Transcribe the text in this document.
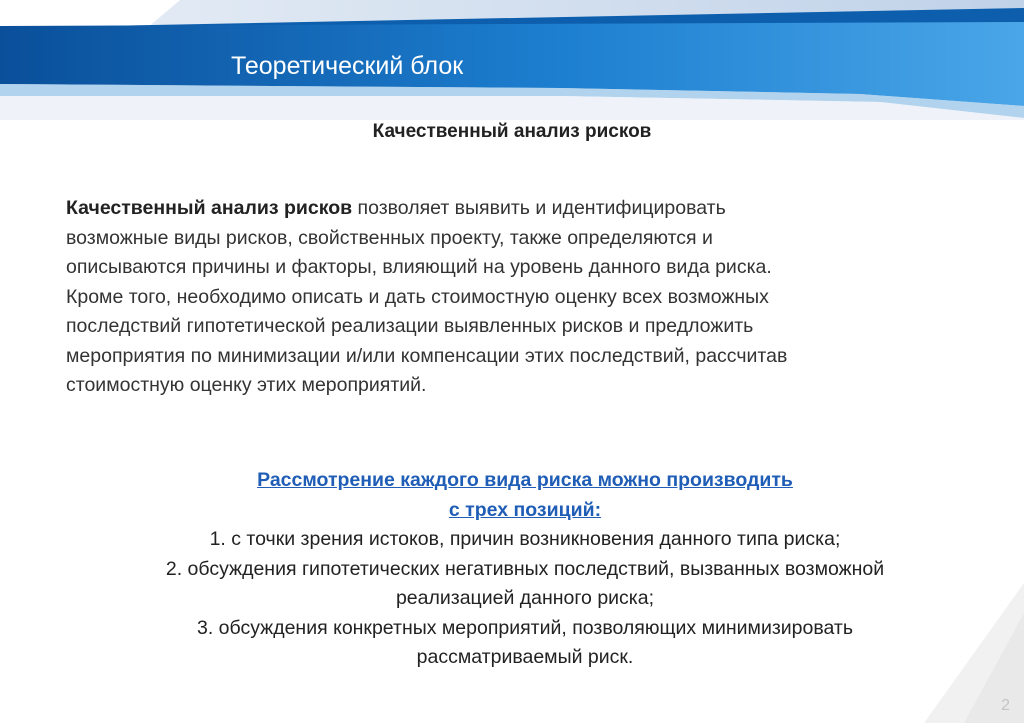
Теоретический блок
Качественный анализ рисков
Качественный анализ рисков позволяет выявить и идентифицировать
возможные виды рисков, свойственных проекту, также определяются и
описываются причины и факторы, влияющий на уровень данного вида риска.
Кроме того, необходимо описать и дать стоимостную оценку всех возможных
последствий гипотетической реализации выявленных рисков и предложить
мероприятия по минимизации и/или компенсации этих последствий, рассчитав
стоимостную оценку этих мероприятий.
Рассмотрение каждого вида риска можно производить
с трех позиций:
1. с точки зрения истоков, причин возникновения данного типа риска;
2. обсуждения гипотетических негативных последствий, вызванных возможной
реализацией данного риска;
3. обсуждения конкретных мероприятий, позволяющих минимизировать
рассматриваемый риск.
2
